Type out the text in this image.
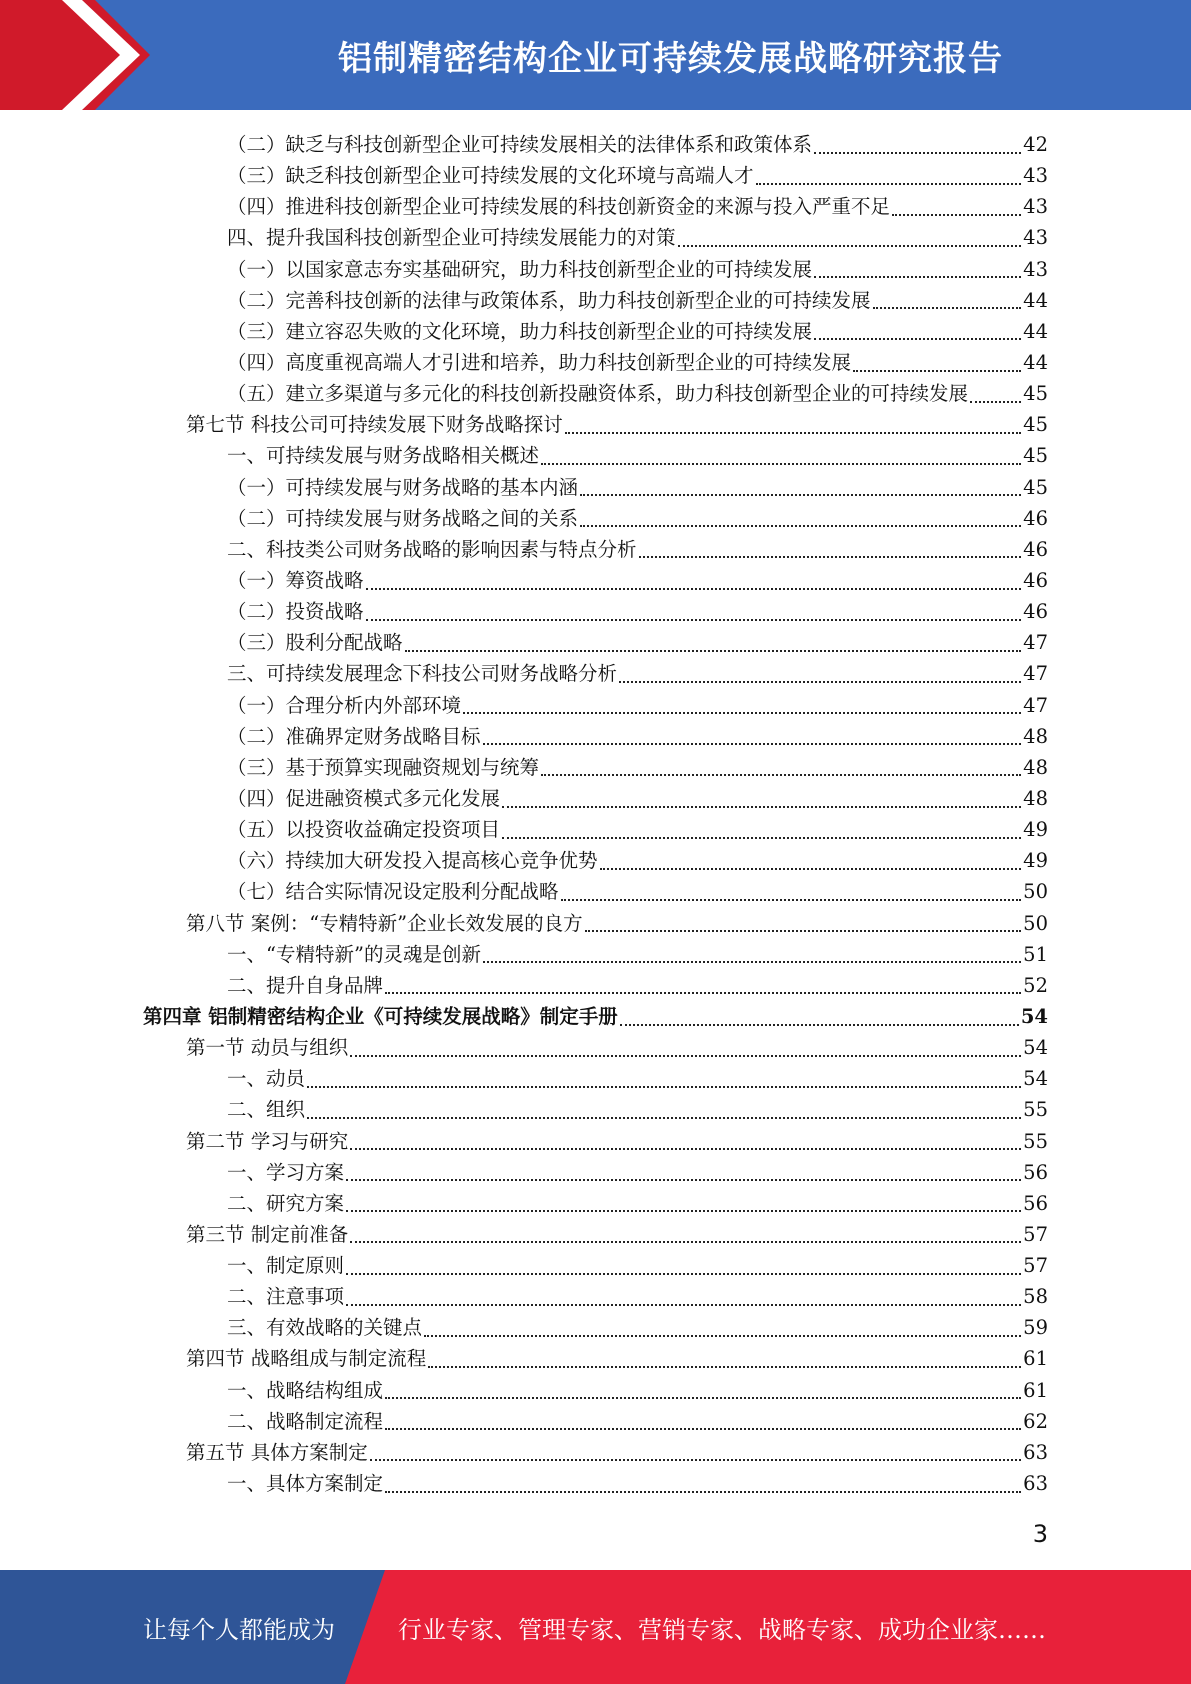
铝制精密结构企业可持续发展战略研究报告
（二）缺乏与科技创新型企业可持续发展相关的法律体系和政策体系	42
（三）缺乏科技创新型企业可持续发展的文化环境与高端人才	43
（四）推进科技创新型企业可持续发展的科技创新资金的来源与投入严重不足	43
四、提升我国科技创新型企业可持续发展能力的对策	43
（一）以国家意志夯实基础研究，助力科技创新型企业的可持续发展	43
（二）完善科技创新的法律与政策体系，助力科技创新型企业的可持续发展	44
（三）建立容忍失败的文化环境，助力科技创新型企业的可持续发展	44
（四）高度重视高端人才引进和培养，助力科技创新型企业的可持续发展	44
（五）建立多渠道与多元化的科技创新投融资体系，助力科技创新型企业的可持续发展	45
第七节 科技公司可持续发展下财务战略探讨	45
一、可持续发展与财务战略相关概述	45
（一）可持续发展与财务战略的基本内涵	45
（二）可持续发展与财务战略之间的关系	46
二、科技类公司财务战略的影响因素与特点分析	46
（一）筹资战略	46
（二）投资战略	46
（三）股利分配战略	47
三、可持续发展理念下科技公司财务战略分析	47
（一）合理分析内外部环境	47
（二）准确界定财务战略目标	48
（三）基于预算实现融资规划与统筹	48
（四）促进融资模式多元化发展	48
（五）以投资收益确定投资项目	49
（六）持续加大研发投入提高核心竞争优势	49
（七）结合实际情况设定股利分配战略	50
第八节 案例：“专精特新”企业长效发展的良方	50
一、“专精特新”的灵魂是创新	51
二、提升自身品牌	52
第四章 铝制精密结构企业《可持续发展战略》制定手册	54
第一节 动员与组织	54
一、动员	54
二、组织	55
第二节 学习与研究	55
一、学习方案	56
二、研究方案	56
第三节 制定前准备	57
一、制定原则	57
二、注意事项	58
三、有效战略的关键点	59
第四节 战略组成与制定流程	61
一、战略结构组成	61
二、战略制定流程	62
第五节 具体方案制定	63
一、具体方案制定	63
3
让每个人都能成为	行业专家、管理专家、营销专家、战略专家、成功企业家……
